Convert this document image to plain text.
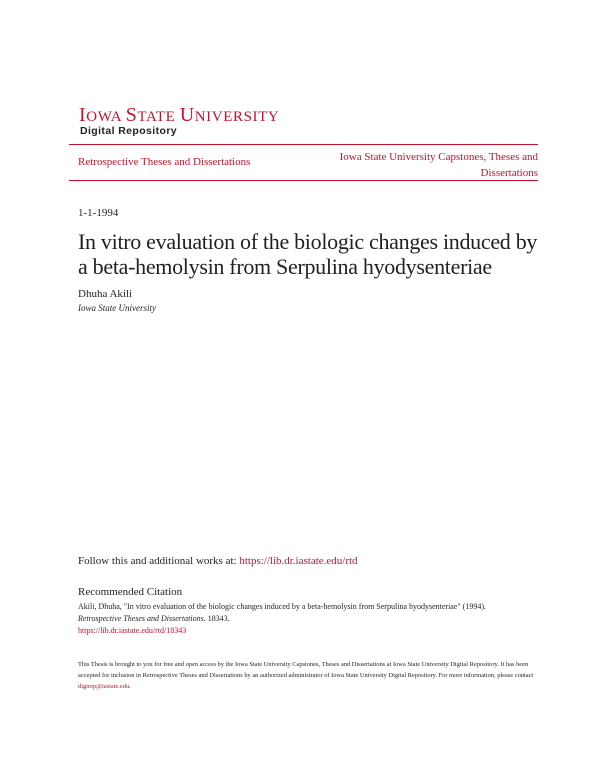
IOWA STATE UNIVERSITY
Digital Repository
Retrospective Theses and Dissertations	Iowa State University Capstones, Theses and Dissertations
1-1-1994
In vitro evaluation of the biologic changes induced by a beta-hemolysin from Serpulina hyodysenteriae
Dhuha Akili
Iowa State University
Follow this and additional works at: https://lib.dr.iastate.edu/rtd
Recommended Citation
Akili, Dhuha, "In vitro evaluation of the biologic changes induced by a beta-hemolysin from Serpulina hyodysenteriae" (1994).
Retrospective Theses and Dissertations. 18343.
https://lib.dr.iastate.edu/rtd/18343
This Thesis is brought to you for free and open access by the Iowa State University Capstones, Theses and Dissertations at Iowa State University Digital Repository. It has been accepted for inclusion in Retrospective Theses and Dissertations by an authorized administrator of Iowa State University Digital Repository. For more information, please contact digirep@iastate.edu.
